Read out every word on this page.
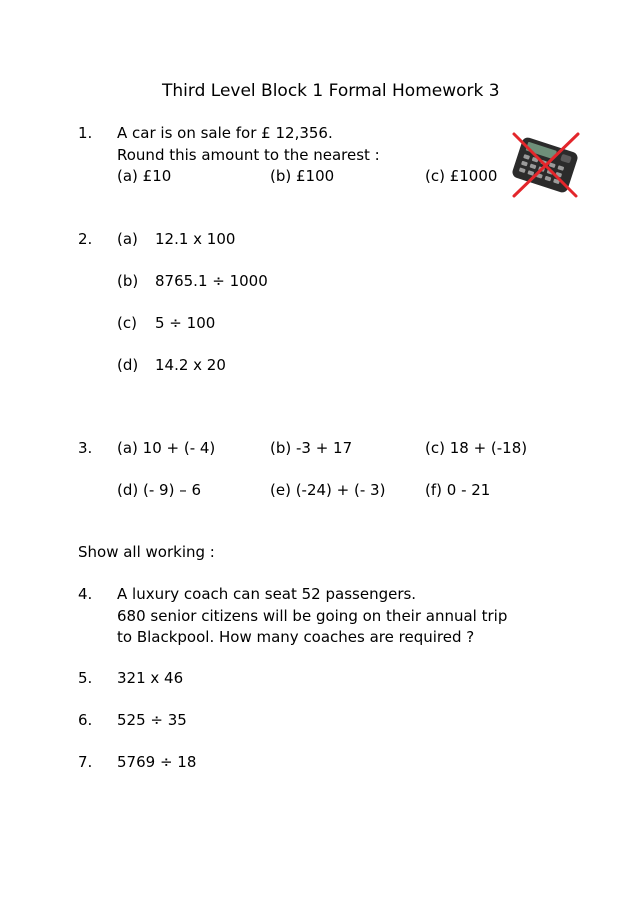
Third Level Block 1 Formal Homework 3
1. A car is on sale for £ 12,356.
Round this amount to the nearest :
(a) £10	(b) £100	(c) £1000
2. (a) 12.1 x 100
(b) 8765.1 ÷ 1000
(c) 5 ÷ 100
(d) 14.2 x 20
3. (a) 10 + (- 4)	(b) -3 + 17	(c) 18 + (-18)
(d) (- 9) – 6	(e) (-24) + (- 3)	(f) 0 - 21
Show all working :
4. A luxury coach can seat 52 passengers.
680 senior citizens will be going on their annual trip
to Blackpool. How many coaches are required ?
5. 321 x 46
6. 525 ÷ 35
7. 5769 ÷ 18
